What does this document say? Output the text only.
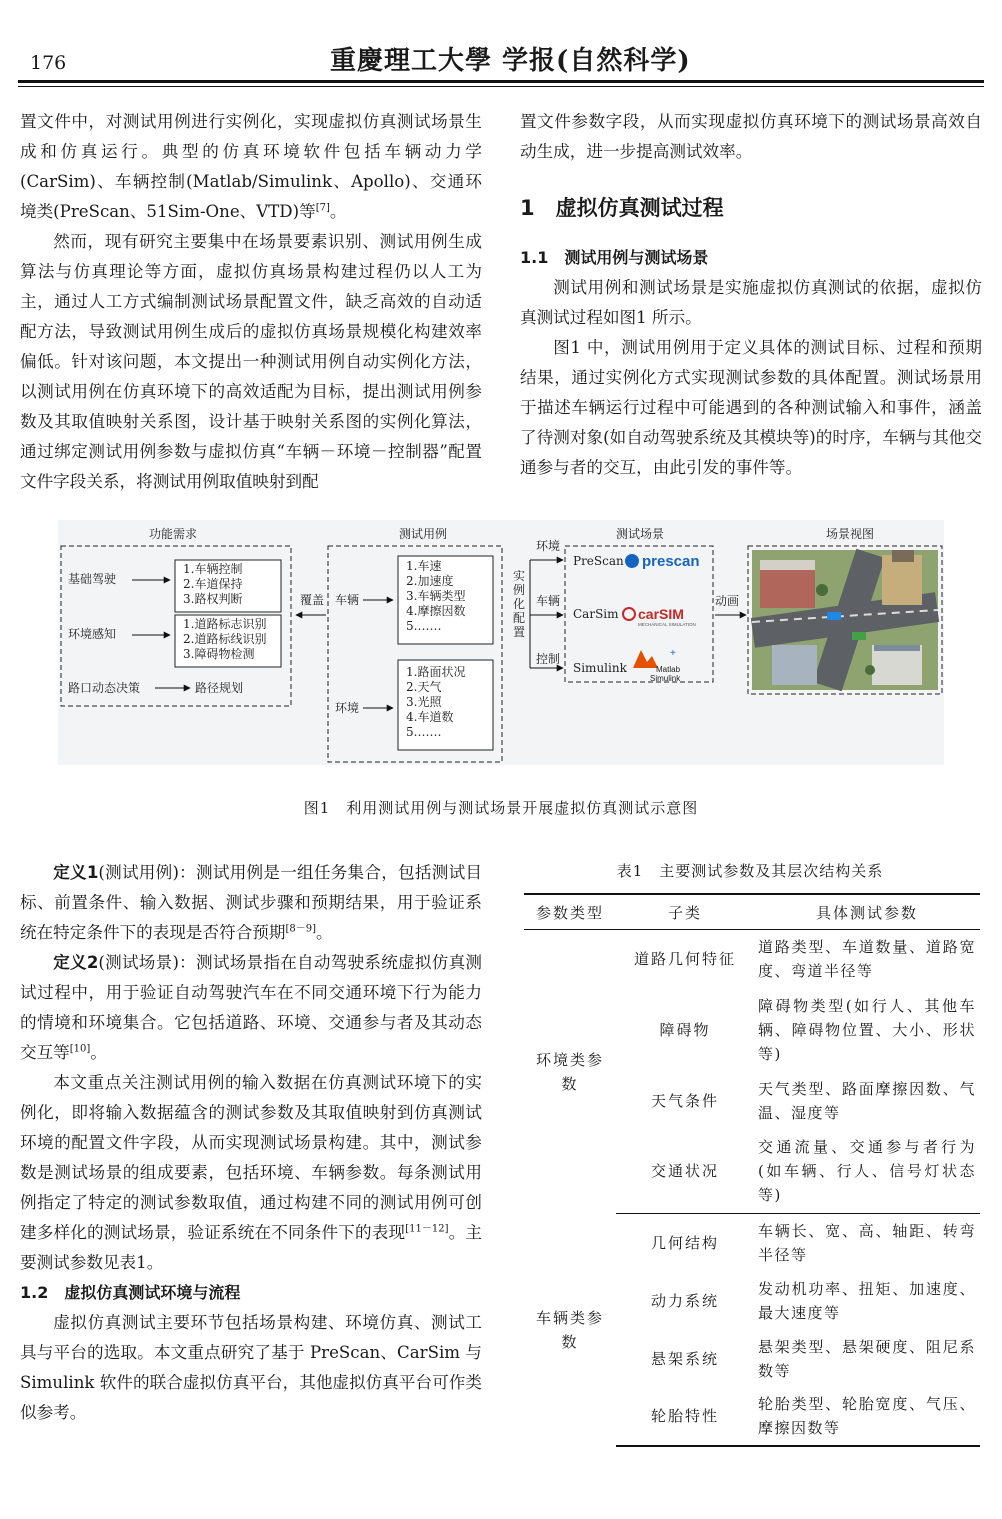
176	重慶理工大學 学报(自然科学)

置文件中，对测试用例进行实例化，实现虚拟仿真测试场景生成和仿真运行。典型的仿真环境软件包括车辆动力学(CarSim)、车辆控制(Matlab/Simulink、Apollo)、交通环境类(PreScan、51Sim-One、VTD)等[7]。

然而，现有研究主要集中在场景要素识别、测试用例生成算法与仿真理论等方面，虚拟仿真场景构建过程仍以人工为主，通过人工方式编制测试场景配置文件，缺乏高效的自动适配方法，导致测试用例生成后的虚拟仿真场景规模化构建效率偏低。针对该问题，本文提出一种测试用例自动实例化方法，以测试用例在仿真环境下的高效适配为目标，提出测试用例参数及其取值映射关系图，设计基于映射关系图的实例化算法，通过绑定测试用例参数与虚拟仿真“车辆－环境－控制器”配置文件字段关系，将测试用例取值映射到配

置文件参数字段，从而实现虚拟仿真环境下的测试场景高效自动生成，进一步提高测试效率。

1　虚拟仿真测试过程
1.1　测试用例与测试场景

测试用例和测试场景是实施虚拟仿真测试的依据，虚拟仿真测试过程如图1 所示。

图1 中，测试用例用于定义具体的测试目标、过程和预期结果，通过实例化方式实现测试参数的具体配置。测试场景用于描述车辆运行过程中可能遇到的各种测试输入和事件，涵盖了待测对象(如自动驾驶系统及其模块等)的时序，车辆与其他交通参与者的交互，由此引发的事件等。

功能需求	测试用例	测试场景	场景视图
基础驾驶
1.车辆控制
2.车道保持
3.路权判断
环境感知
1.道路标志识别
2.道路标线识别
3.障碍物检测
路口动态决策	路径规划
覆盖 车辆
1.车速
2.加速度
3.车辆类型
4.摩擦因数
5.……
环境
1.路面状况
2.天气
3.光照
4.车道数
5.……
实例化配置
环境
车辆
控制
PreScan prescan
CarSim carSIM
MECHANICAL SIMULATION
Simulink
+
Matlab
Simulink
动画
图1　利用测试用例与测试场景开展虚拟仿真测试示意图

定义1(测试用例)：测试用例是一组任务集合，包括测试目标、前置条件、输入数据、测试步骤和预期结果，用于验证系统在特定条件下的表现是否符合预期[8－9]。

定义2(测试场景)：测试场景指在自动驾驶系统虚拟仿真测试过程中，用于验证自动驾驶汽车在不同交通环境下行为能力的情境和环境集合。它包括道路、环境、交通参与者及其动态交互等[10]。

本文重点关注测试用例的输入数据在仿真测试环境下的实例化，即将输入数据蕴含的测试参数及其取值映射到仿真测试环境的配置文件字段，从而实现测试场景构建。其中，测试参数是测试场景的组成要素，包括环境、车辆参数。每条测试用例指定了特定的测试参数取值，通过构建不同的测试用例可创建多样化的测试场景，验证系统在不同条件下的表现[11－12]。主要测试参数见表1。

1.2　虚拟仿真测试环境与流程

虚拟仿真测试主要环节包括场景构建、环境仿真、测试工具与平台的选取。本文重点研究了基于 PreScan、CarSim 与 Simulink 软件的联合虚拟仿真平台，其他虚拟仿真平台可作类似参考。

表1　主要测试参数及其层次结构关系
参数类型	子类	具体测试参数
环境类参数	道路几何特征	道路类型、车道数量、道路宽度、弯道半径等
	障碍物	障碍物类型(如行人、其他车辆、障碍物位置、大小、形状等)
	天气条件	天气类型、路面摩擦因数、气温、湿度等
	交通状况	交通流量、交通参与者行为(如车辆、行人、信号灯状态等)
车辆类参数	几何结构	车辆长、宽、高、轴距、转弯半径等
	动力系统	发动机功率、扭矩、加速度、最大速度等
	悬架系统	悬架类型、悬架硬度、阻尼系数等
	轮胎特性	轮胎类型、轮胎宽度、气压、摩擦因数等
